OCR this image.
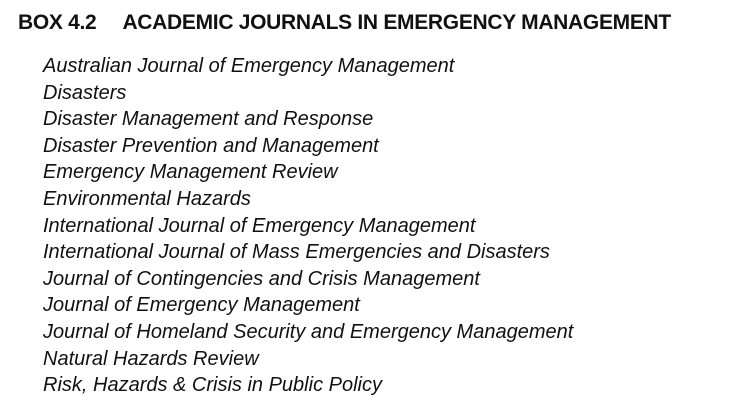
BOX 4.2 ACADEMIC JOURNALS IN EMERGENCY MANAGEMENT
Australian Journal of Emergency Management
Disasters
Disaster Management and Response
Disaster Prevention and Management
Emergency Management Review
Environmental Hazards
International Journal of Emergency Management
International Journal of Mass Emergencies and Disasters
Journal of Contingencies and Crisis Management
Journal of Emergency Management
Journal of Homeland Security and Emergency Management
Natural Hazards Review
Risk, Hazards & Crisis in Public Policy
